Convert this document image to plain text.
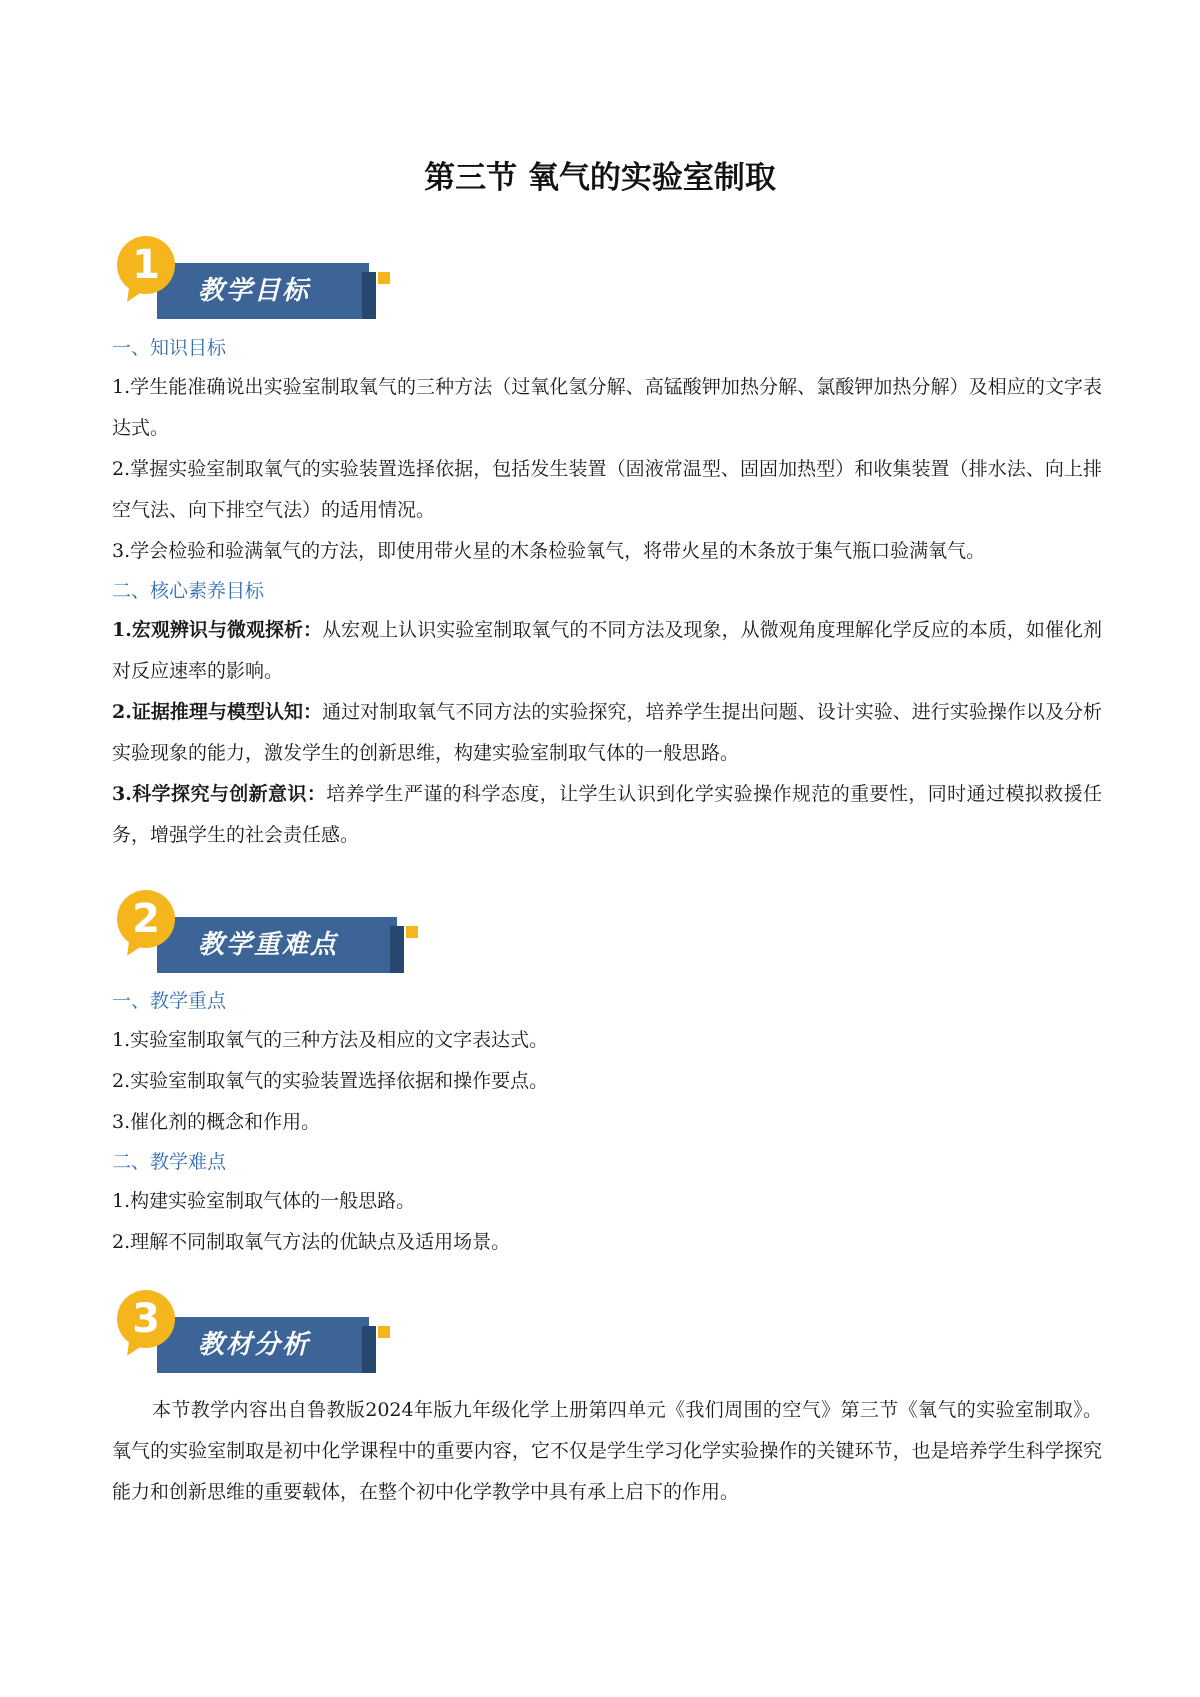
第三节 氧气的实验室制取
1
教学目标

一、知识目标

1.学生能准确说出实验室制取氧气的三种方法（过氧化氢分解、高锰酸钾加热分解、氯酸钾加热分解）及相应的文字表达式。

2.掌握实验室制取氧气的实验装置选择依据，包括发生装置（固液常温型、固固加热型）和收集装置（排水法、向上排空气法、向下排空气法）的适用情况。

3.学会检验和验满氧气的方法，即使用带火星的木条检验氧气，将带火星的木条放于集气瓶口验满氧气。

二、核心素养目标

1.宏观辨识与微观探析：从宏观上认识实验室制取氧气的不同方法及现象，从微观角度理解化学反应的本质，如催化剂对反应速率的影响。

2.证据推理与模型认知：通过对制取氧气不同方法的实验探究，培养学生提出问题、设计实验、进行实验操作以及分析实验现象的能力，激发学生的创新思维，构建实验室制取气体的一般思路。

3.科学探究与创新意识：培养学生严谨的科学态度，让学生认识到化学实验操作规范的重要性，同时通过模拟救援任务，增强学生的社会责任感。

2
教学重难点

一、教学重点

1.实验室制取氧气的三种方法及相应的文字表达式。

2.实验室制取氧气的实验装置选择依据和操作要点。

3.催化剂的概念和作用。

二、教学难点

1.构建实验室制取气体的一般思路。

2.理解不同制取氧气方法的优缺点及适用场景。

3
教材分析

本节教学内容出自鲁教版2024年版九年级化学上册第四单元《我们周围的空气》第三节《氧气的实验室制取》。氧气的实验室制取是初中化学课程中的重要内容，它不仅是学生学习化学实验操作的关键环节，也是培养学生科学探究能力和创新思维的重要载体，在整个初中化学教学中具有承上启下的作用。
